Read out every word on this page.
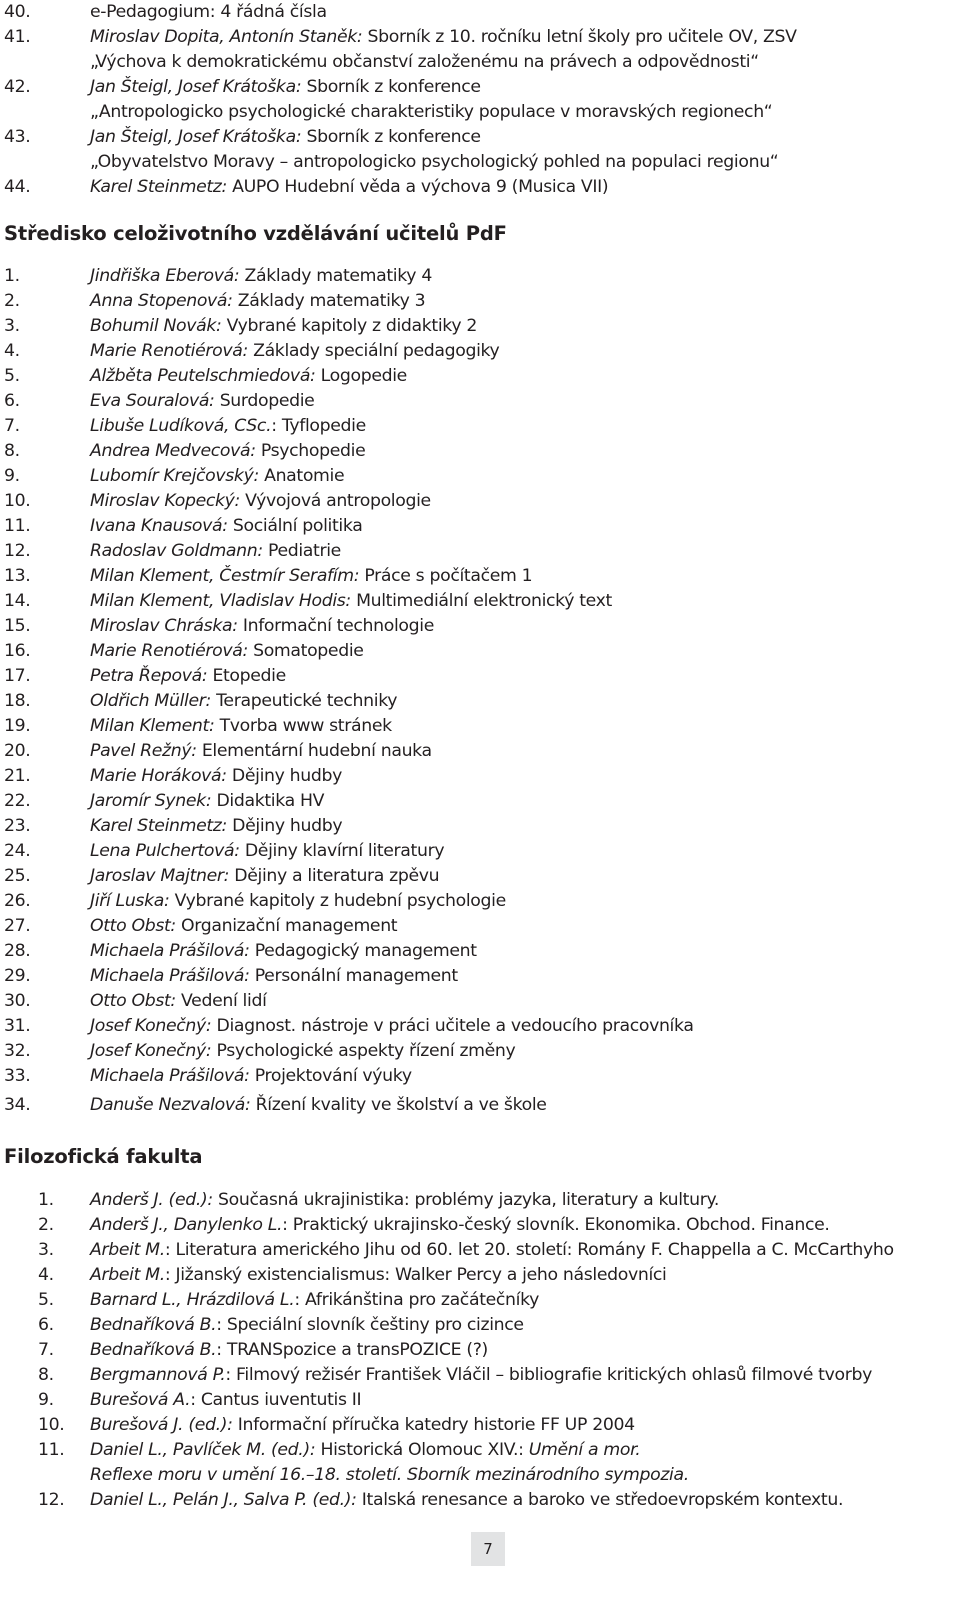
40.	e-Pedagogium: 4 řádná čísla
41.	Miroslav Dopita, Antonín Staněk: Sborník z 10. ročníku letní školy pro učitele OV, ZSV
„Výchova k demokratickému občanství založenému na právech a odpovědnosti“
42.	Jan Šteigl, Josef Krátoška: Sborník z konference
„Antropologicko psychologické charakteristiky populace v moravských regionech“
43.	Jan Šteigl, Josef Krátoška: Sborník z konference
„Obyvatelstvo Moravy – antropologicko psychologický pohled na populaci regionu“
44.	Karel Steinmetz: AUPO Hudební věda a výchova 9 (Musica VII)
Středisko celoživotního vzdělávání učitelů PdF
1.	Jindřiška Eberová: Základy matematiky 4
2.	Anna Stopenová: Základy matematiky 3
3.	Bohumil Novák: Vybrané kapitoly z didaktiky 2
4.	Marie Renotiérová: Základy speciální pedagogiky
5.	Alžběta Peutelschmiedová: Logopedie
6.	Eva Souralová: Surdopedie
7.	Libuše Ludíková, CSc.: Tyflopedie
8.	Andrea Medvecová: Psychopedie
9.	Lubomír Krejčovský: Anatomie
10.	Miroslav Kopecký: Vývojová antropologie
11.	Ivana Knausová: Sociální politika
12.	Radoslav Goldmann: Pediatrie
13.	Milan Klement, Čestmír Serafím: Práce s počítačem 1
14.	Milan Klement, Vladislav Hodis: Multimediální elektronický text
15.	Miroslav Chráska: Informační technologie
16.	Marie Renotiérová: Somatopedie
17.	Petra Řepová: Etopedie
18.	Oldřich Müller: Terapeutické techniky
19.	Milan Klement: Tvorba www stránek
20.	Pavel Režný: Elementární hudební nauka
21.	Marie Horáková: Dějiny hudby
22.	Jaromír Synek: Didaktika HV
23.	Karel Steinmetz: Dějiny hudby
24.	Lena Pulchertová: Dějiny klavírní literatury
25.	Jaroslav Majtner: Dějiny a literatura zpěvu
26.	Jiří Luska: Vybrané kapitoly z hudební psychologie
27.	Otto Obst: Organizační management
28.	Michaela Prášilová: Pedagogický management
29.	Michaela Prášilová: Personální management
30.	Otto Obst: Vedení lidí
31.	Josef Konečný: Diagnost. nástroje v práci učitele a vedoucího pracovníka
32.	Josef Konečný: Psychologické aspekty řízení změny
33.	Michaela Prášilová: Projektování výuky
34.	Danuše Nezvalová: Řízení kvality ve školství a ve škole
Filozofická fakulta
1. Anderš J. (ed.): Současná ukrajinistika: problémy jazyka, literatury a kultury.
2. Anderš J., Danylenko L.: Praktický ukrajinsko-český slovník. Ekonomika. Obchod. Finance.
3. Arbeit M.: Literatura amerického Jihu od 60. let 20. století: Romány F. Chappella a C. McCarthyho
4. Arbeit M.: Jižanský existencialismus: Walker Percy a jeho následovníci
5. Barnard L., Hrázdilová L.: Afrikánština pro začátečníky
6. Bednaříková B.: Speciální slovník češtiny pro cizince
7. Bednaříková B.: TRANSpozice a transPOZICE (?)
8. Bergmannová P.: Filmový režisér František Vláčil – bibliografie kritických ohlasů filmové tvorby
9. Burešová A.: Cantus iuventutis II
10. Burešová J. (ed.): Informační příručka katedry historie FF UP 2004
11. Daniel L., Pavlíček M. (ed.): Historická Olomouc XIV.: Umění a mor.
Reflexe moru v umění 16.–18. století. Sborník mezinárodního sympozia.
12. Daniel L., Pelán J., Salva P. (ed.): Italská renesance a baroko ve středoevropském kontextu.
7
